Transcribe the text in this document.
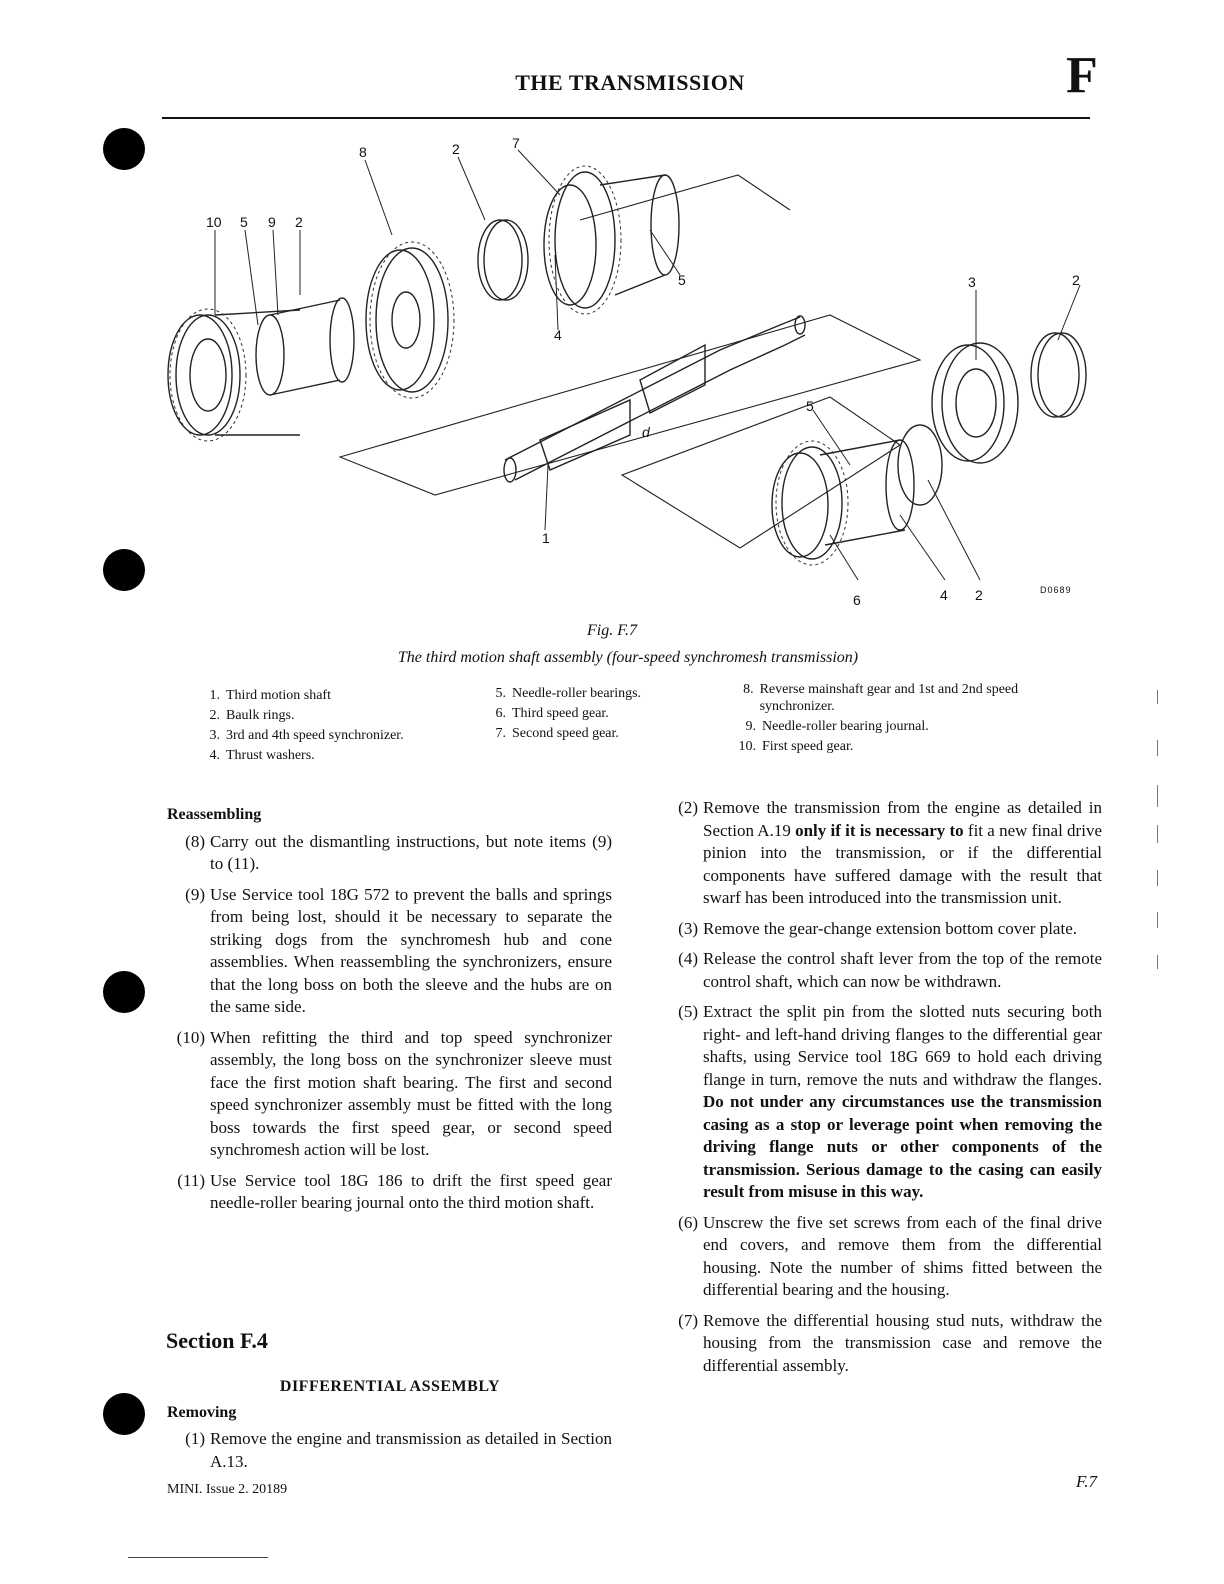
THE TRANSMISSION	F
10 5 9 2
8	2	7
5
4
3	2
5
1
6	4 2
d
D0689
Fig. F.7
The third motion shaft assembly (four-speed synchromesh transmission)
1. Third motion shaft
2. Baulk rings.
3. 3rd and 4th speed synchronizer.
4. Thrust washers.
5. Needle-roller bearings.
6. Third speed gear.
7. Second speed gear.
8. Reverse mainshaft gear and 1st and 2nd speed synchronizer.
9. Needle-roller bearing journal.
10. First speed gear.
Reassembling
(8) Carry out the dismantling instructions, but note items (9) to (11).
(9) Use Service tool 18G 572 to prevent the balls and springs from being lost, should it be necessary to separate the striking dogs from the synchromesh hub and cone assemblies. When reassembling the synchronizers, ensure that the long boss on both the sleeve and the hubs are on the same side.
(10) When refitting the third and top speed synchronizer assembly, the long boss on the synchronizer sleeve must face the first motion shaft bearing. The first and second speed synchronizer assembly must be fitted with the long boss towards the first speed gear, or second speed synchromesh action will be lost.
(11) Use Service tool 18G 186 to drift the first speed gear needle-roller bearing journal onto the third motion shaft.
Section F.4
DIFFERENTIAL ASSEMBLY
Removing
(1) Remove the engine and transmission as detailed in Section A.13.
(2) Remove the transmission from the engine as detailed in Section A.19 only if it is necessary to fit a new final drive pinion into the transmission, or if the differential components have suffered damage with the result that swarf has been introduced into the transmission unit.
(3) Remove the gear-change extension bottom cover plate.
(4) Release the control shaft lever from the top of the remote control shaft, which can now be withdrawn.
(5) Extract the split pin from the slotted nuts securing both right- and left-hand driving flanges to the differential gear shafts, using Service tool 18G 669 to hold each driving flange in turn, remove the nuts and withdraw the flanges. Do not under any circumstances use the transmission casing as a stop or leverage point when removing the driving flange nuts or other components of the transmission. Serious damage to the casing can easily result from misuse in this way.
(6) Unscrew the five set screws from each of the final drive end covers, and remove them from the differential housing. Note the number of shims fitted between the differential bearing and the housing.
(7) Remove the differential housing stud nuts, withdraw the housing from the transmission case and remove the differential assembly.
MINI. Issue 2. 20189	F.7
